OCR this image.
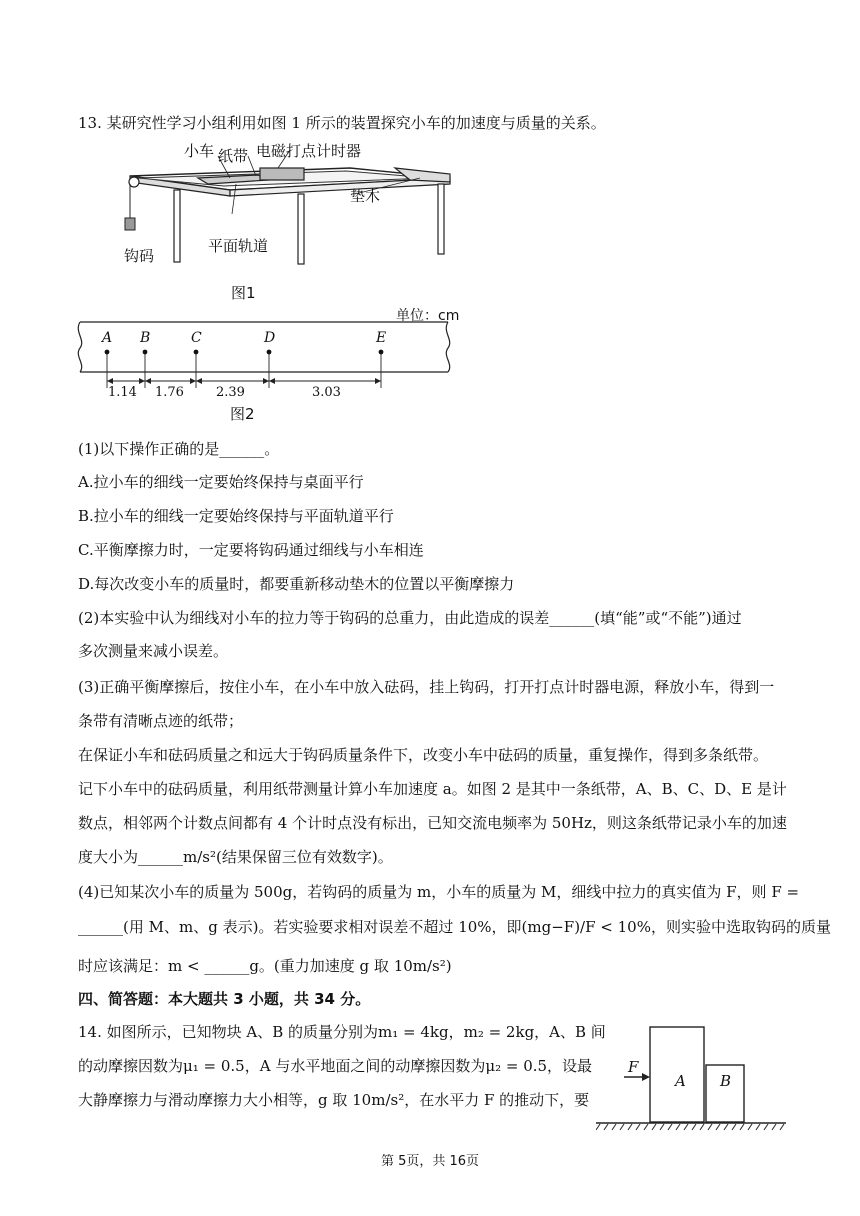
13. 某研究性学习小组利用如图 1 所示的装置探究小车的加速度与质量的关系。
小车 纸带 电磁打点计时器
垫木
平面轨道
钩码
图1
单位：cm
A B	C	D	E
1.14 1.76 2.39	3.03
图2
(1)以下操作正确的是______。
A.拉小车的细线一定要始终保持与桌面平行
B.拉小车的细线一定要始终保持与平面轨道平行
C.平衡摩擦力时，一定要将钩码通过细线与小车相连
D.每次改变小车的质量时，都要重新移动垫木的位置以平衡摩擦力
(2)本实验中认为细线对小车的拉力等于钩码的总重力，由此造成的误差______(填“能”或“不能”)通过
多次测量来减小误差。
(3)正确平衡摩擦后，按住小车，在小车中放入砝码，挂上钩码，打开打点计时器电源，释放小车，得到一
条带有清晰点迹的纸带；
在保证小车和砝码质量之和远大于钩码质量条件下，改变小车中砝码的质量，重复操作，得到多条纸带。
记下小车中的砝码质量，利用纸带测量计算小车加速度 a。如图 2 是其中一条纸带，A、B、C、D、E 是计
数点，相邻两个计数点间都有 4 个计时点没有标出，已知交流电频率为 50Hz，则这条纸带记录小车的加速
度大小为______m/s²(结果保留三位有效数字)。
(4)已知某次小车的质量为 500g，若钩码的质量为 m，小车的质量为 M，细线中拉力的真实值为 F，则 F =
______(用 M、m、g 表示)。若实验要求相对误差不超过 10%，即(mg−F)/F < 10%，则实验中选取钩码的质量
时应该满足：m < ______g。(重力加速度 g 取 10m/s²)
四、简答题：本大题共 3 小题，共 34 分。
14. 如图所示，已知物块 A、B 的质量分别为m₁ = 4kg，m₂ = 2kg，A、B 间
的动摩擦因数为μ₁ = 0.5，A 与水平地面之间的动摩擦因数为μ₂ = 0.5，设最
大静摩擦力与滑动摩擦力大小相等，g 取 10m/s²，在水平力 F 的推动下，要
F
A B
第 5页，共 16页
